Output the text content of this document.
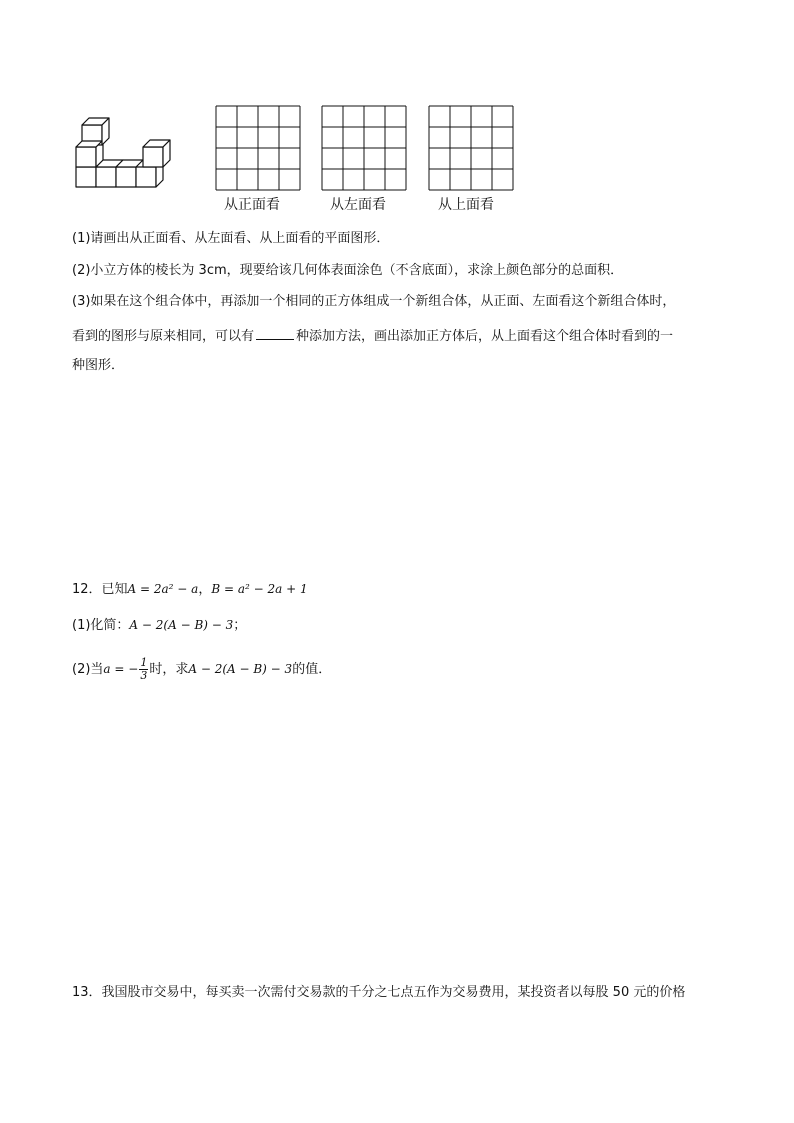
从正面看	从左面看	从上面看
(1)请画出从正面看、从左面看、从上面看的平面图形．
(2)小立方体的棱长为 3cm，现要给该几何体表面涂色（不含底面），求涂上颜色部分的总面积．
(3)如果在这个组合体中，再添加一个相同的正方体组成一个新组合体，从正面、左面看这个新组合体时，
看到的图形与原来相同，可以有	种添加方法，画出添加正方体后，从上面看这个组合体时看到的一
种图形．
12．已知A = 2a² − a，B = a² − 2a + 1
(1)化简：A − 2(A − B) − 3；
(2)当a = − $\frac{1}{3}$ 时，求A − 2(A − B) − 3的值．
13．我国股市交易中，每买卖一次需付交易款的千分之七点五作为交易费用，某投资者以每股 50 元的价格
